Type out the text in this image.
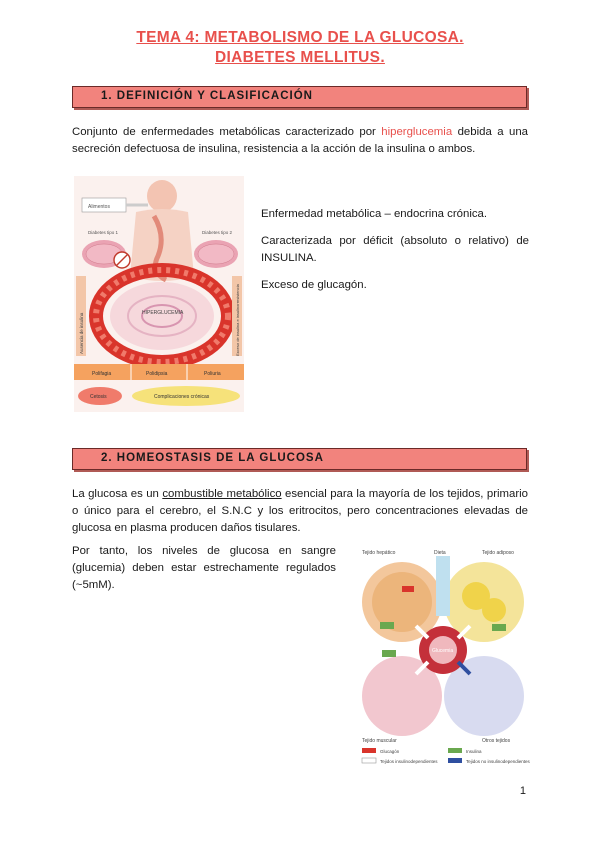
TEMA 4: METABOLISMO DE LA GLUCOSA.
DIABETES MELLITUS.
1. DEFINICIÓN Y CLASIFICACIÓN
Conjunto de enfermedades metabólicas caracterizado por hiperglucemia debida a una secreción defectuosa de insulina, resistencia a la acción de la insulina o ambos.
Alimentos
Diabetes tipo 1	Diabetes tipo 2
HIPERGLUCEMIA
Ausencia de insulina	Exceso de insulina e insulinorresistencia
Polifagia	Polidipsia	Poliuria
Cetosis	Complicaciones crónicas

Enfermedad metabólica – endocrina crónica.

Caracterizada por déficit (absoluto o relativo) de INSULINA.

Exceso de glucagón.

2. HOMEOSTASIS DE LA GLUCOSA
La glucosa es un combustible metabólico esencial para la mayoría de los tejidos, primario o único para el cerebro, el S.N.C y los eritrocitos, pero concentraciones elevadas de glucosa en plasma producen daños tisulares.
Por tanto, los niveles de glucosa en sangre (glucemia) deben estar estrechamente regulados (~5mM).
Tejido hepático	Dieta	Tejido adiposo
Glucemia
Tejido muscular	Otros tejidos
Glucagón	Insulina
Tejidos insulinodependientes	Tejidos no insulinodependientes
1
